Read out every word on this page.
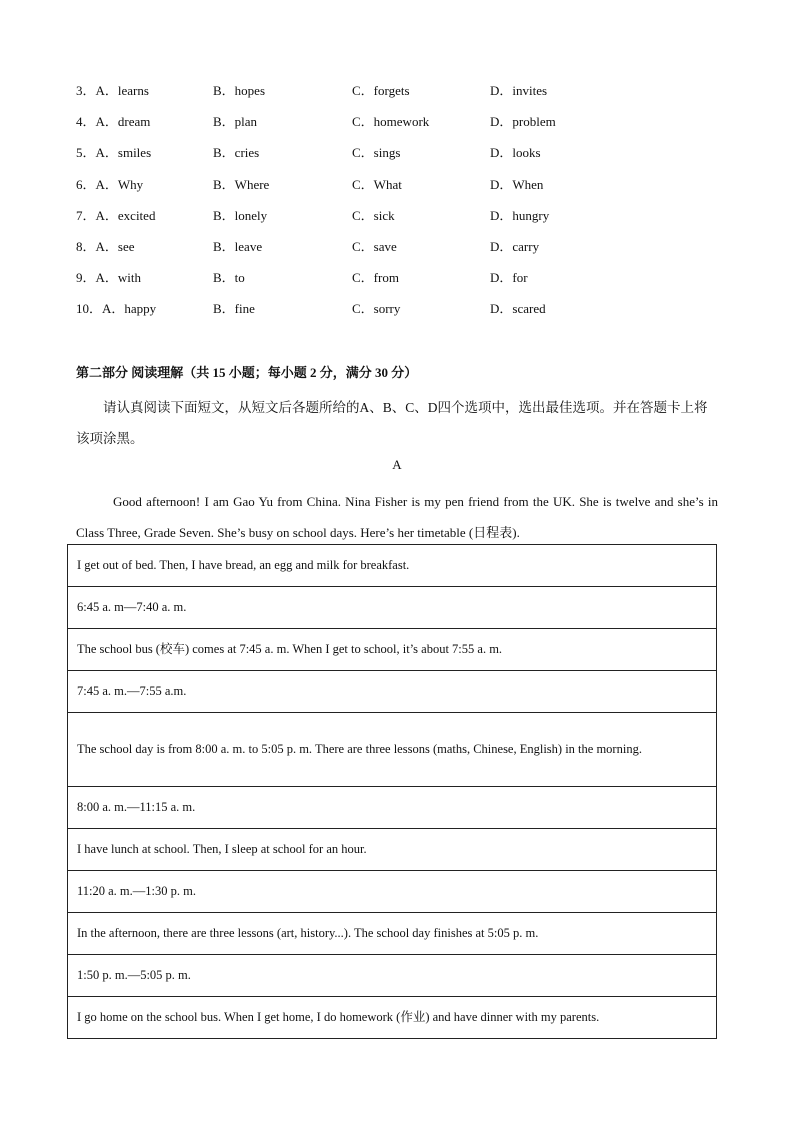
3．A．learns	B．hopes	C．forgets	D．invites
4．A．dream	B．plan	C．homework	D．problem
5．A．smiles	B．cries	C．sings	D．looks
6．A．Why	B．Where	C．What	D．When
7．A．excited	B．lonely	C．sick	D．hungry
8．A．see	B．leave	C．save	D．carry
9．A．with	B．to	C．from	D．for
10．A．happy	B．fine	C．sorry	D．scared
第二部分 阅读理解（共 15 小题；每小题 2 分，满分 30 分）
请认真阅读下面短文，从短文后各题所给的A、B、C、D四个选项中，选出最佳选项。并在答题卡上将该项涂黑。
A
Good afternoon! I am Gao Yu from China. Nina Fisher is my pen friend from the UK. She is twelve and she’s in Class Three, Grade Seven. She’s busy on school days. Here’s her timetable (日程表).
I get out of bed. Then, I have bread, an egg and milk for breakfast.
6:45 a. m—7:40 a. m.
The school bus (校车) comes at 7:45 a. m. When I get to school, it’s about 7:55 a. m.
7:45 a. m.—7:55 a.m.
The school day is from 8:00 a. m. to 5:05 p. m. There are three lessons (maths, Chinese, English) in the morning.
8:00 a. m.—11:15 a. m.
I have lunch at school. Then, I sleep at school for an hour.
11:20 a. m.—1:30 p. m.
In the afternoon, there are three lessons (art, history...). The school day finishes at 5:05 p. m.
1:50 p. m.—5:05 p. m.
I go home on the school bus. When I get home, I do homework (作业) and have dinner with my parents.
